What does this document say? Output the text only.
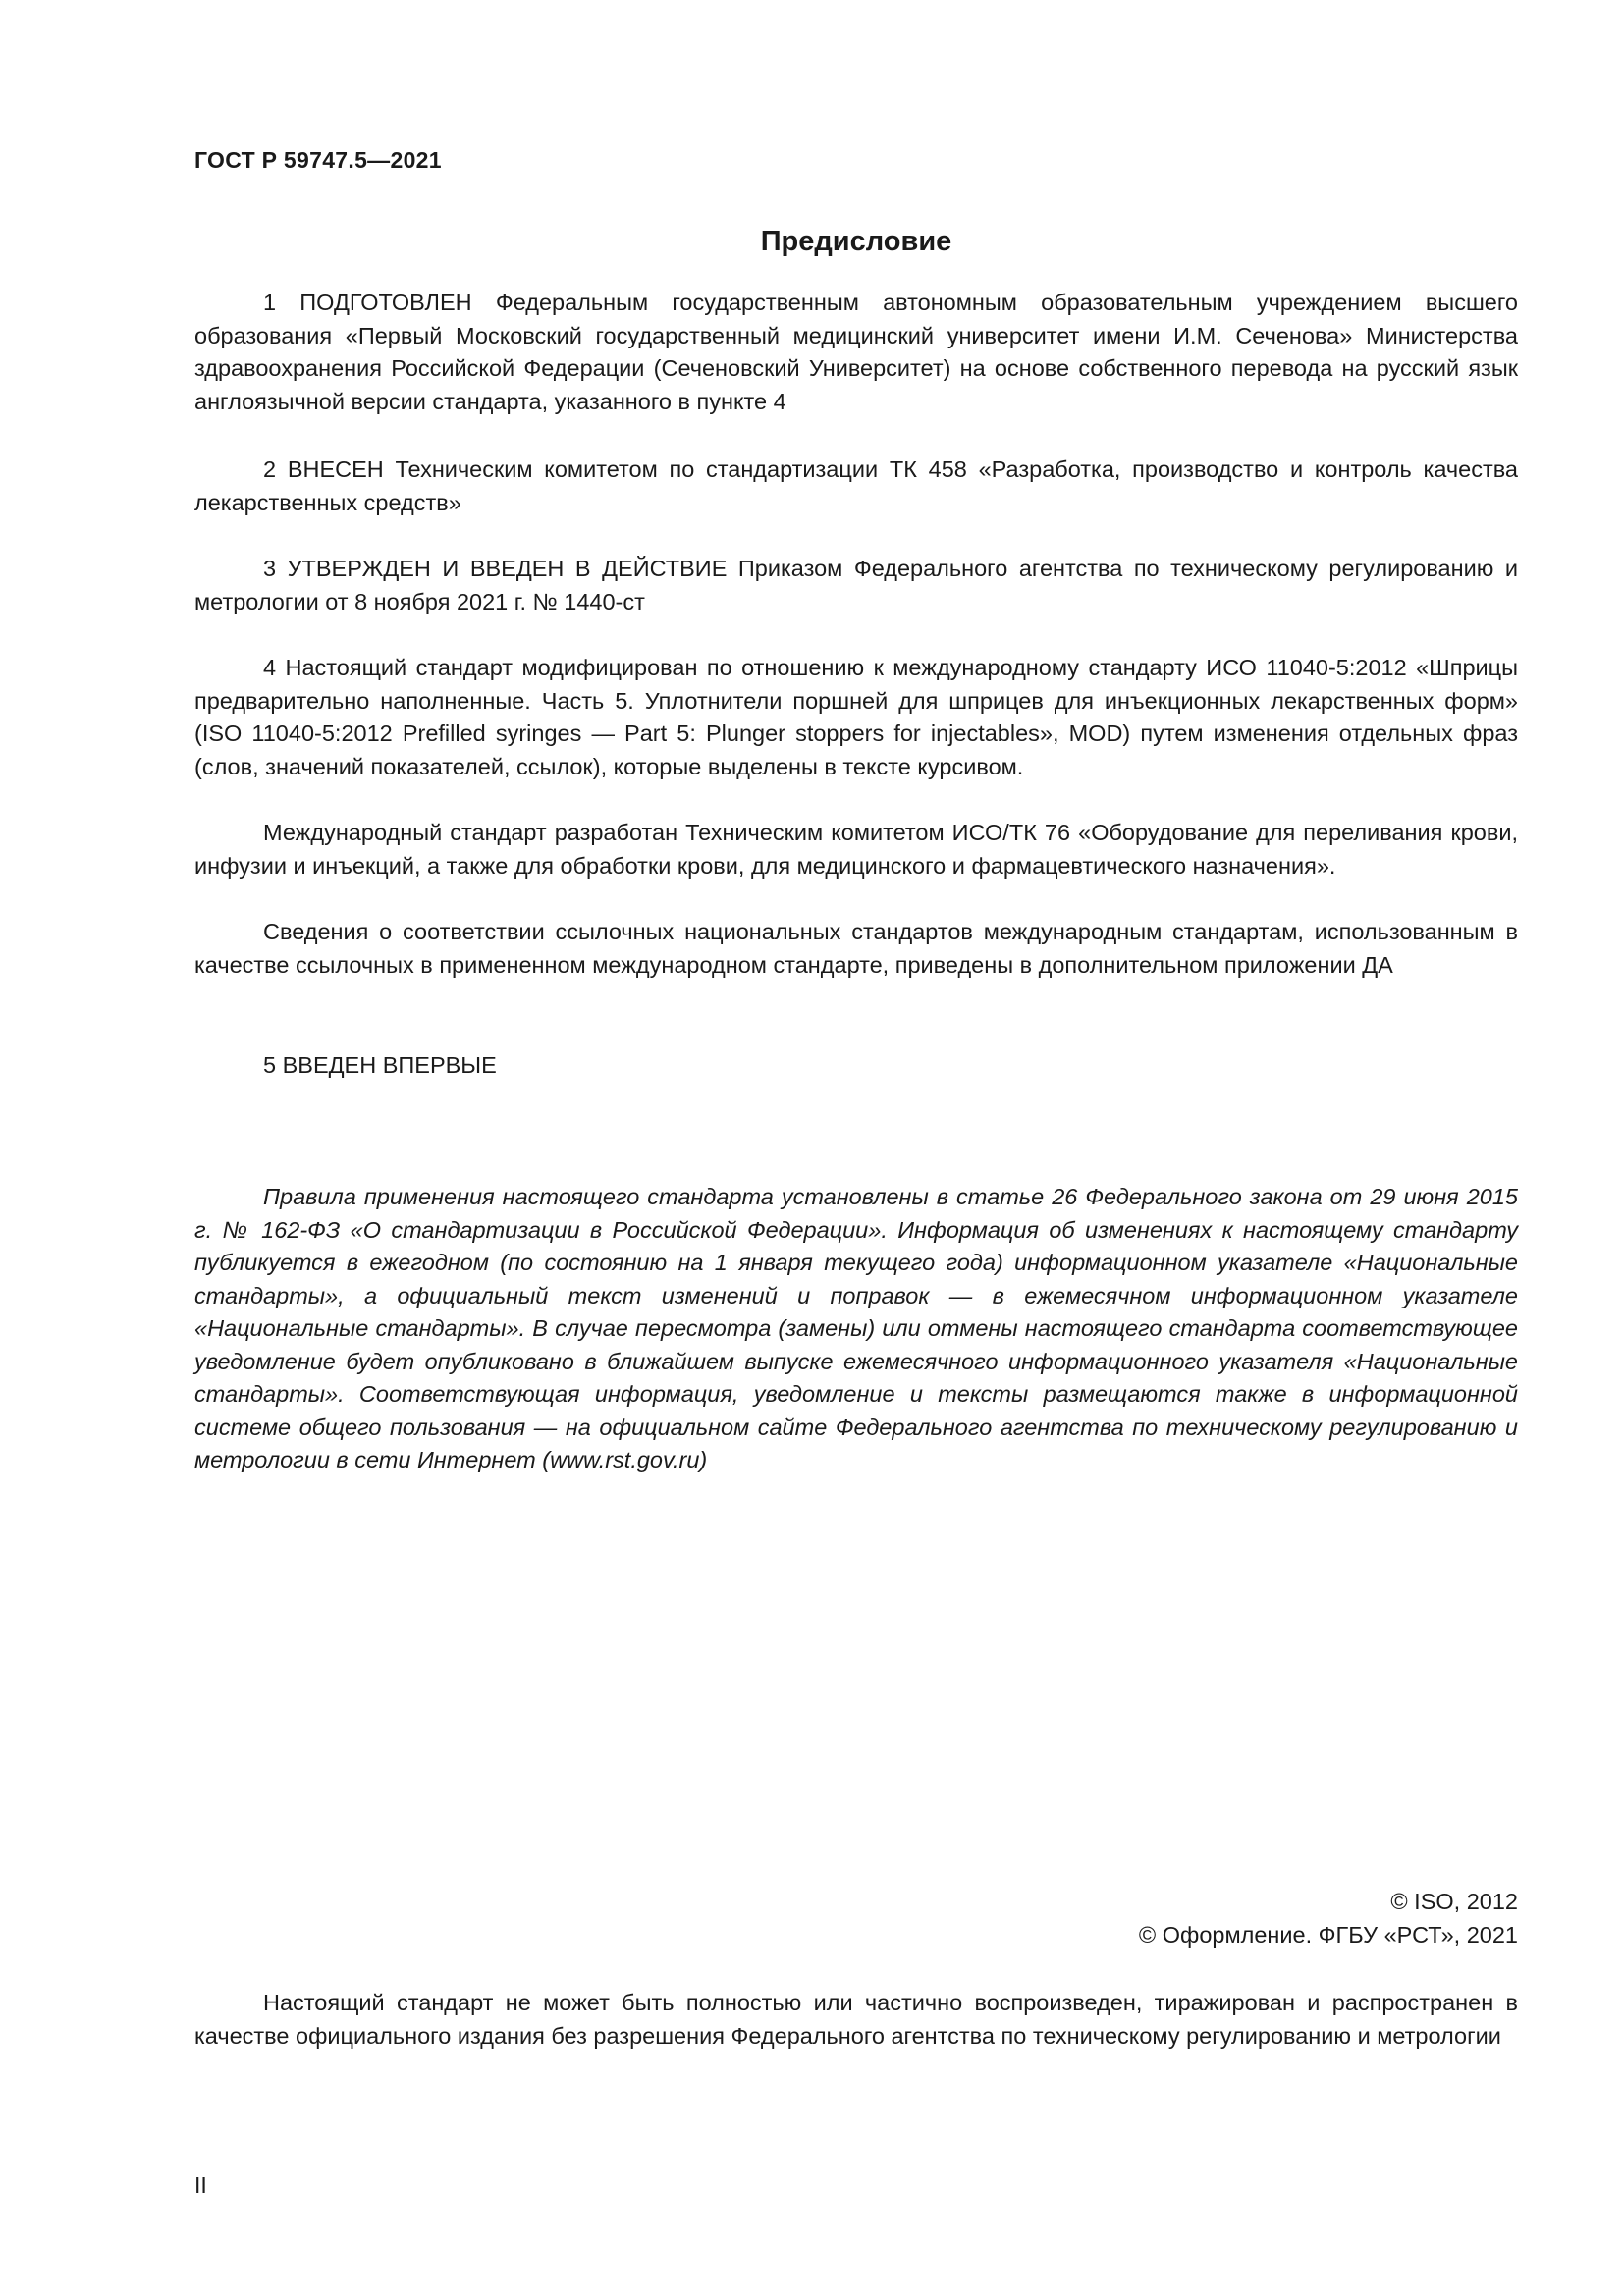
ГОСТ Р 59747.5—2021
Предисловие

1 ПОДГОТОВЛЕН Федеральным государственным автономным образовательным учреждением высшего образования «Первый Московский государственный медицинский университет имени И.М. Сеченова» Министерства здравоохранения Российской Федерации (Сеченовский Университет) на основе собственного перевода на русский язык англоязычной версии стандарта, указанного в пункте 4

2 ВНЕСЕН Техническим комитетом по стандартизации ТК 458 «Разработка, производство и контроль качества лекарственных средств»

3 УТВЕРЖДЕН И ВВЕДЕН В ДЕЙСТВИЕ Приказом Федерального агентства по техническому регулированию и метрологии от 8 ноября 2021 г. № 1440-ст

4 Настоящий стандарт модифицирован по отношению к международному стандарту ИСО 11040-5:2012 «Шприцы предварительно наполненные. Часть 5. Уплотнители поршней для шприцев для инъекционных лекарственных форм» (ISO 11040-5:2012 Prefilled syringes — Part 5: Plunger stoppers for injectables», MOD) путем изменения отдельных фраз (слов, значений показателей, ссылок), которые выделены в тексте курсивом.

Международный стандарт разработан Техническим комитетом ИСО/ТК 76 «Оборудование для переливания крови, инфузии и инъекций, а также для обработки крови, для медицинского и фармацевтического назначения».

Сведения о соответствии ссылочных национальных стандартов международным стандартам, использованным в качестве ссылочных в примененном международном стандарте, приведены в дополнительном приложении ДА

5 ВВЕДЕН ВПЕРВЫЕ

Правила применения настоящего стандарта установлены в статье 26 Федерального закона от 29 июня 2015 г. № 162-ФЗ «О стандартизации в Российской Федерации». Информация об изменениях к настоящему стандарту публикуется в ежегодном (по состоянию на 1 января текущего года) информационном указателе «Национальные стандарты», а официальный текст изменений и поправок — в ежемесячном информационном указателе «Национальные стандарты». В случае пересмотра (замены) или отмены настоящего стандарта соответствующее уведомление будет опубликовано в ближайшем выпуске ежемесячного информационного указателя «Национальные стандарты». Соответствующая информация, уведомление и тексты размещаются также в информационной системе общего пользования — на официальном сайте Федерального агентства по техническому регулированию и метрологии в сети Интернет (www.rst.gov.ru)

© ISO, 2012
© Оформление. ФГБУ «РСТ», 2021

Настоящий стандарт не может быть полностью или частично воспроизведен, тиражирован и распространен в качестве официального издания без разрешения Федерального агентства по техническому регулированию и метрологии

II
